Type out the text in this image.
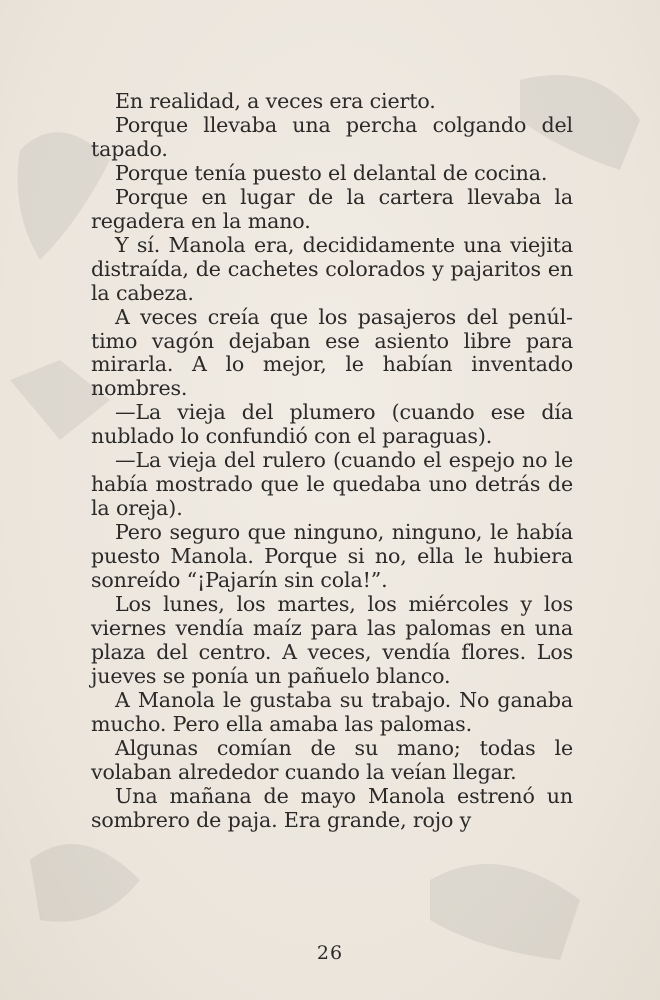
En realidad, a veces era cierto.

Porque llevaba una percha colgando del tapado.

Porque tenía puesto el delantal de cocina.

Porque en lugar de la cartera llevaba la regadera en la mano.

Y sí. Manola era, decididamente una viejita distraída, de cachetes colorados y pajaritos en la cabeza.

A veces creía que los pasajeros del penúltimo vagón dejaban ese asiento libre para mirarla. A lo mejor, le habían inventado nombres.

—La vieja del plumero (cuando ese día nublado lo confundió con el paraguas).

—La vieja del rulero (cuando el espejo no le había mostrado que le quedaba uno detrás de la oreja).

Pero seguro que ninguno, ninguno, le había puesto Manola. Porque si no, ella le hubiera sonreído “¡Pajarín sin cola!”.

Los lunes, los martes, los miércoles y los viernes vendía maíz para las palomas en una plaza del centro. A veces, vendía flores. Los jueves se ponía un pañuelo blanco.

A Manola le gustaba su trabajo. No ganaba mucho. Pero ella amaba las palomas.

Algunas comían de su mano; todas le volaban alrededor cuando la veían llegar.

Una mañana de mayo Manola estrenó un sombrero de paja. Era grande, rojo y

26
